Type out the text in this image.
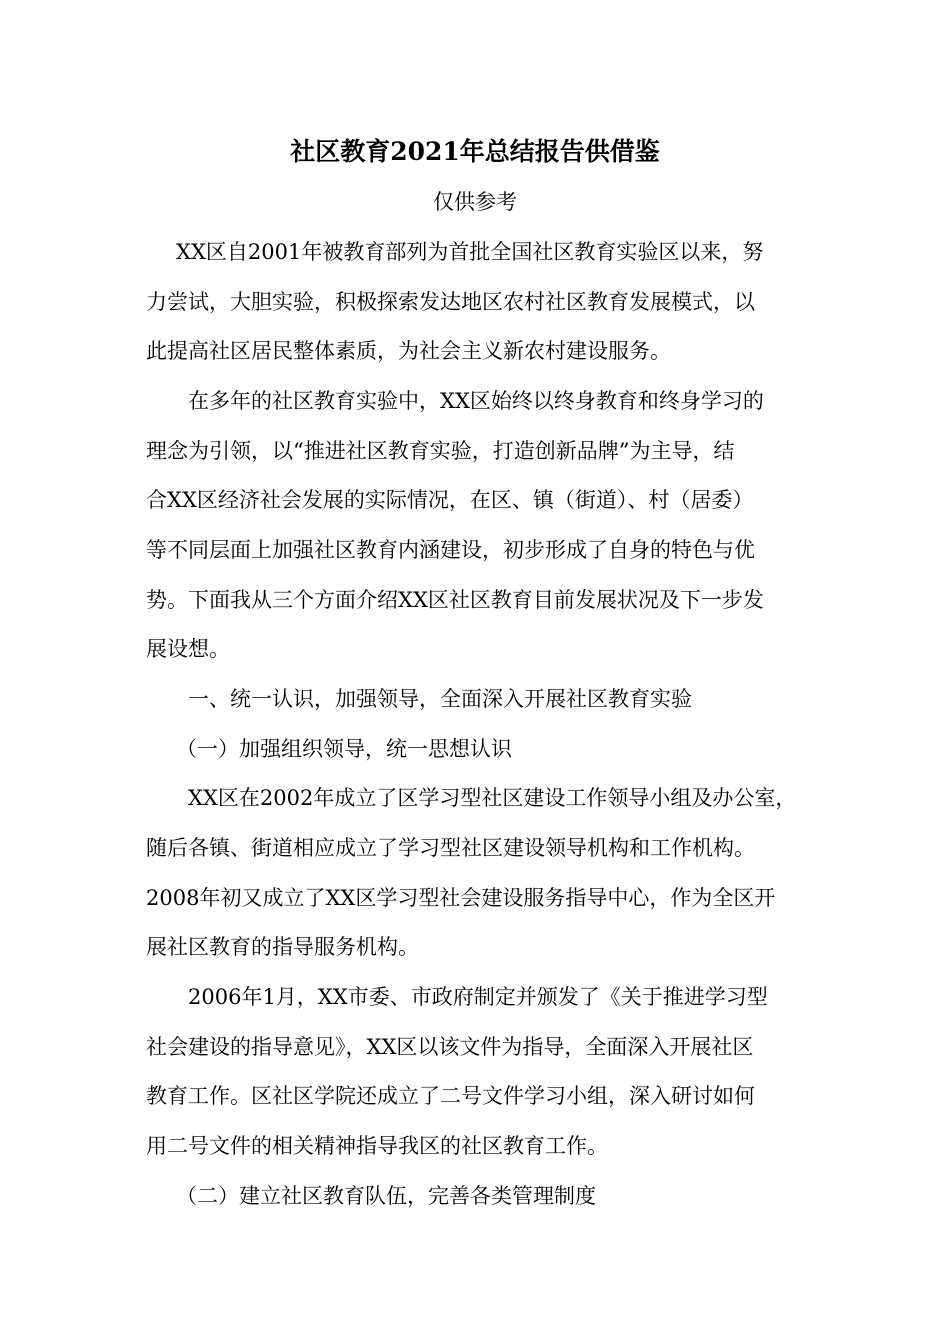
社区教育2021年总结报告供借鉴
仅供参考
XX区自2001年被教育部列为首批全国社区教育实验区以来，努
力尝试，大胆实验，积极探索发达地区农村社区教育发展模式，以
此提高社区居民整体素质，为社会主义新农村建设服务。
在多年的社区教育实验中，XX区始终以终身教育和终身学习的
理念为引领，以“推进社区教育实验，打造创新品牌”为主导，结
合XX区经济社会发展的实际情况，在区、镇（街道）、村（居委）
等不同层面上加强社区教育内涵建设，初步形成了自身的特色与优
势。下面我从三个方面介绍XX区社区教育目前发展状况及下一步发
展设想。
一、统一认识，加强领导，全面深入开展社区教育实验
（一）加强组织领导，统一思想认识
XX区在2002年成立了区学习型社区建设工作领导小组及办公室，
随后各镇、街道相应成立了学习型社区建设领导机构和工作机构。
2008年初又成立了XX区学习型社会建设服务指导中心，作为全区开
展社区教育的指导服务机构。
2006年1月，XX市委、市政府制定并颁发了《关于推进学习型
社会建设的指导意见》，XX区以该文件为指导，全面深入开展社区
教育工作。区社区学院还成立了二号文件学习小组，深入研讨如何
用二号文件的相关精神指导我区的社区教育工作。
（二）建立社区教育队伍，完善各类管理制度
